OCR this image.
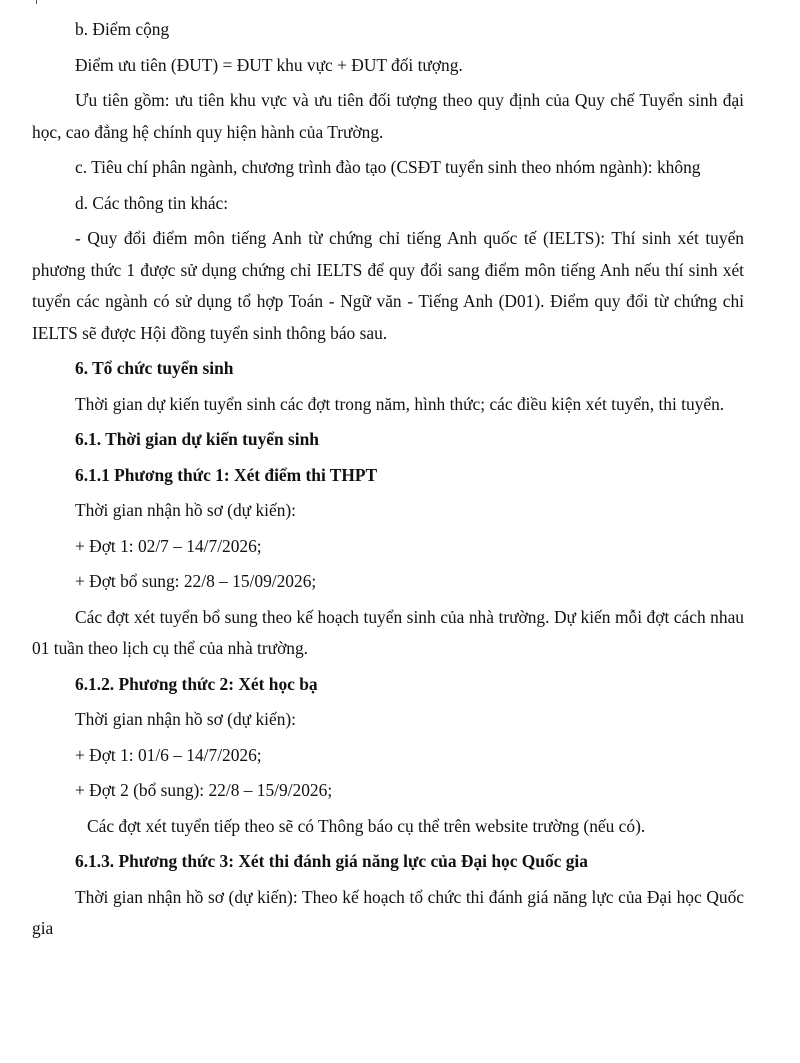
b. Điểm cộng

Điểm ưu tiên (ĐUT) = ĐUT khu vực + ĐUT đối tượng.

Ưu tiên gồm: ưu tiên khu vực và ưu tiên đối tượng theo quy định của Quy chế Tuyển sinh đại học, cao đẳng hệ chính quy hiện hành của Trường.

c. Tiêu chí phân ngành, chương trình đào tạo (CSĐT tuyển sinh theo nhóm ngành): không

d. Các thông tin khác:

- Quy đổi điểm môn tiếng Anh từ chứng chỉ tiếng Anh quốc tế (IELTS): Thí sinh xét tuyển phương thức 1 được sử dụng chứng chỉ IELTS để quy đổi sang điểm môn tiếng Anh nếu thí sinh xét tuyển các ngành có sử dụng tổ hợp Toán - Ngữ văn - Tiếng Anh (D01). Điểm quy đổi từ chứng chỉ IELTS sẽ được Hội đồng tuyển sinh thông báo sau.

6. Tổ chức tuyển sinh

Thời gian dự kiến tuyển sinh các đợt trong năm, hình thức; các điều kiện xét tuyển, thi tuyển.

6.1. Thời gian dự kiến tuyển sinh

6.1.1 Phương thức 1: Xét điểm thi THPT

Thời gian nhận hồ sơ (dự kiến):

+ Đợt 1: 02/7 – 14/7/2026;

+ Đợt bổ sung: 22/8 – 15/09/2026;

Các đợt xét tuyển bổ sung theo kế hoạch tuyển sinh của nhà trường. Dự kiến mỗi đợt cách nhau 01 tuần theo lịch cụ thể của nhà trường.

6.1.2. Phương thức 2: Xét học bạ

Thời gian nhận hồ sơ (dự kiến):

+ Đợt 1: 01/6 – 14/7/2026;

+ Đợt 2 (bổ sung): 22/8 – 15/9/2026;

Các đợt xét tuyển tiếp theo sẽ có Thông báo cụ thể trên website trường (nếu có).

6.1.3. Phương thức 3: Xét thi đánh giá năng lực của Đại học Quốc gia

Thời gian nhận hồ sơ (dự kiến): Theo kế hoạch tổ chức thi đánh giá năng lực của Đại học Quốc gia
